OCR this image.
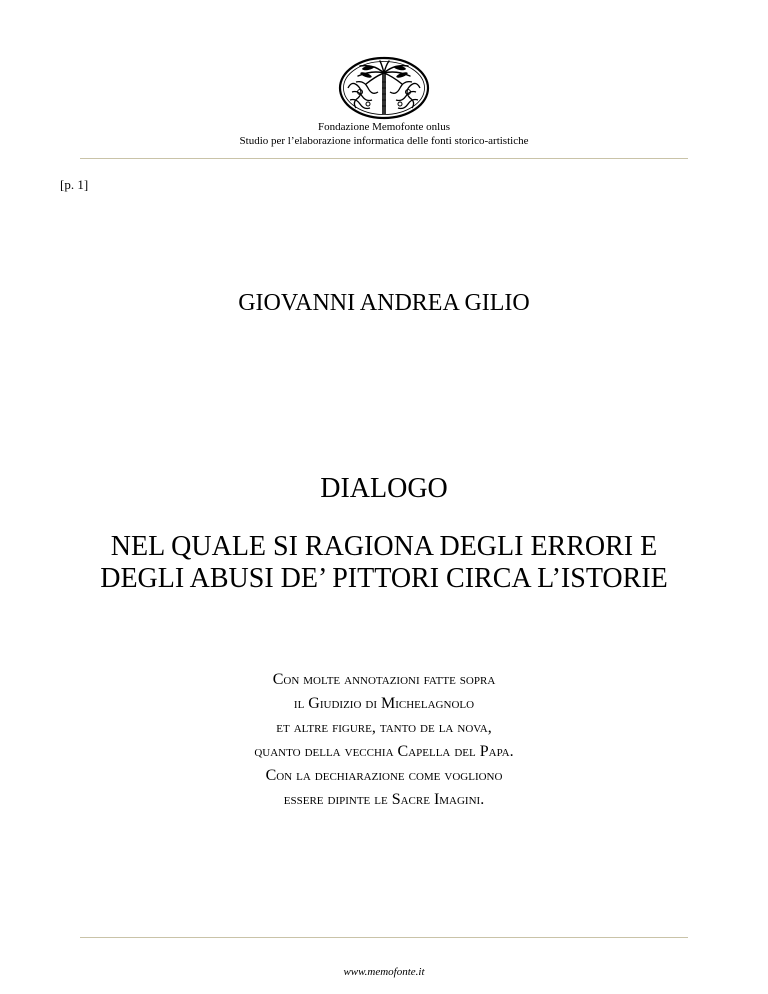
Fondazione Memofonte onlus
Studio per l’elaborazione informatica delle fonti storico-artistiche
[p. 1]
GIOVANNI ANDREA GILIO
DIALOGO
NEL QUALE SI RAGIONA DEGLI ERRORI E
DEGLI ABUSI DE’ PITTORI CIRCA L’ISTORIE
Con molte annotazioni fatte sopra
il Giudizio di Michelagnolo
et altre figure, tanto de la nova,
quanto della vecchia Capella del Papa.
Con la dechiarazione come vogliono
essere dipinte le Sacre Imagini.
www.memofonte.it
